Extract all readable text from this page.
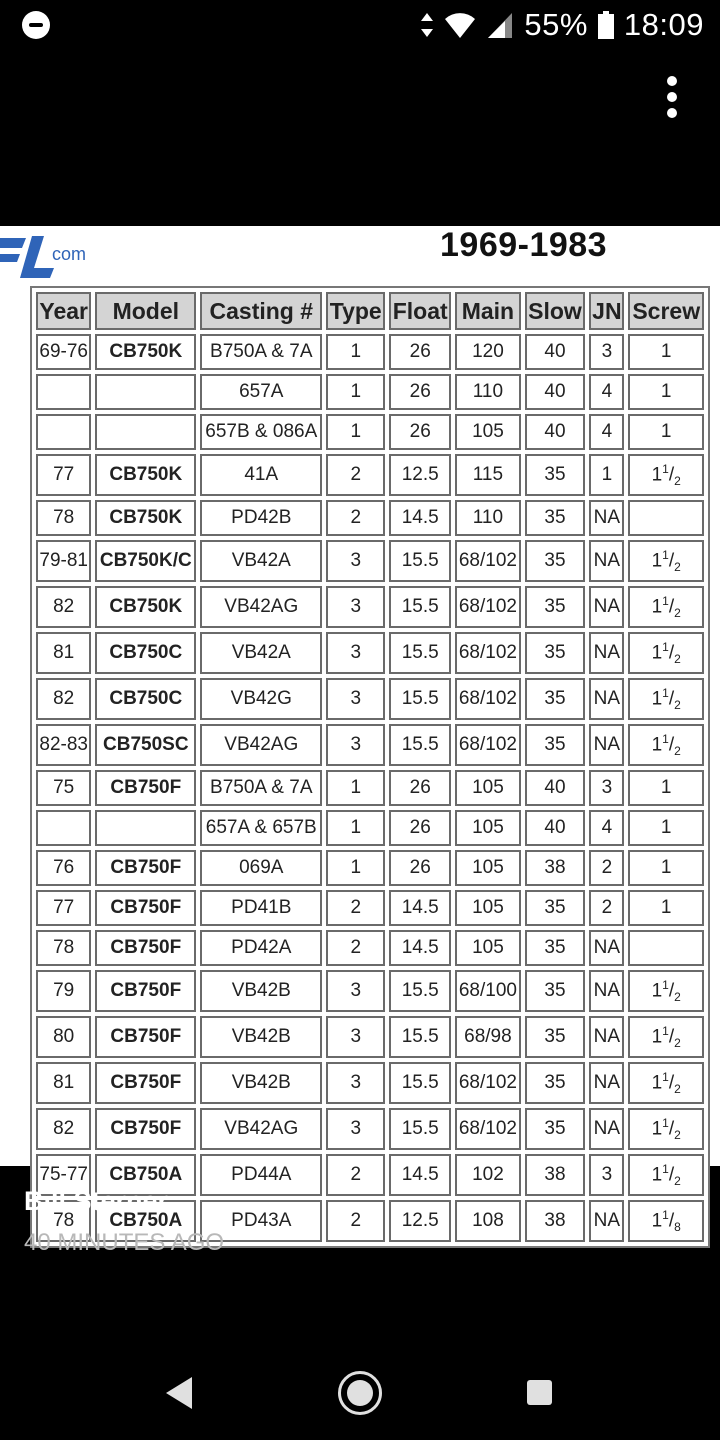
55% 18:09
com	1969-1983
Year	Model	Casting #	Type	Float	Main	Slow	JN	Screw
69-76	CB750K	B750A & 7A	1	26	120	40	3	1
		657A	1	26	110	40	4	1
		657B & 086A	1	26	105	40	4	1
77	CB750K	41A	2	12.5	115	35	1	$1^1/_2$
78	CB750K	PD42B	2	14.5	110	35	NA	
79-81	CB750K/C	VB42A	3	15.5	68/102	35	NA	$1^1/_2$
82	CB750K	VB42AG	3	15.5	68/102	35	NA	$1^1/_2$
81	CB750C	VB42A	3	15.5	68/102	35	NA	$1^1/_2$
82	CB750C	VB42G	3	15.5	68/102	35	NA	$1^1/_2$
82-83	CB750SC	VB42AG	3	15.5	68/102	35	NA	$1^1/_2$
75	CB750F	B750A & 7A	1	26	105	40	3	1
		657A & 657B	1	26	105	40	4	1
76	CB750F	069A	1	26	105	38	2	1
77	CB750F	PD41B	2	14.5	105	35	2	1
78	CB750F	PD42A	2	14.5	105	35	NA	
79	CB750F	VB42B	3	15.5	68/100	35	NA	$1^1/_2$
80	CB750F	VB42B	3	15.5	68/98	35	NA	$1^1/_2$
81	CB750F	VB42B	3	15.5	68/102	35	NA	$1^1/_2$
82	CB750F	VB42AG	3	15.5	68/102	35	NA	$1^1/_2$
75-77	CB750A	PD44A	2	14.5	102	38	3	$1^1/_2$
78	CB750A	PD43A	2	12.5	108	38	NA	$1^1/_8$
Bill Sterner
40 MINUTES AGO
